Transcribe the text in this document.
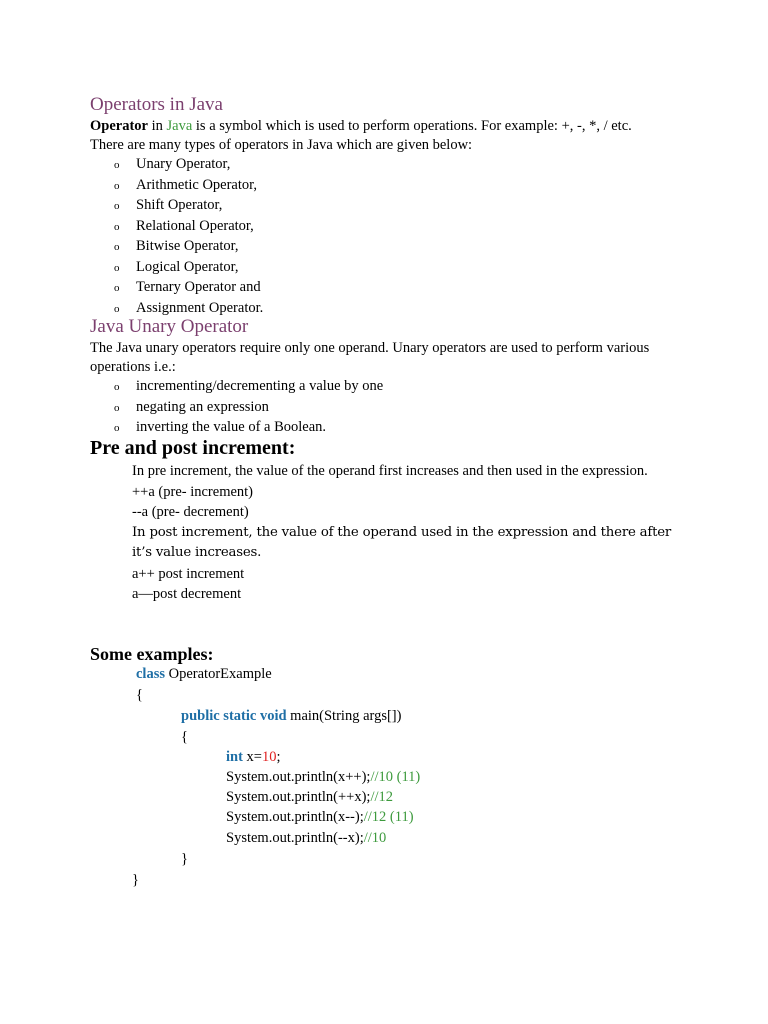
Operators in Java

Operator in Java is a symbol which is used to perform operations. For example: +, -, *, / etc.
There are many types of operators in Java which are given below:

o Unary Operator,
o Arithmetic Operator,
o Shift Operator,
o Relational Operator,
o Bitwise Operator,
o Logical Operator,
o Ternary Operator and
o Assignment Operator.
Java Unary Operator

The Java unary operators require only one operand. Unary operators are used to perform various operations i.e.:

o incrementing/decrementing a value by one
o negating an expression
o inverting the value of a Boolean.
Pre and post increment:
In pre increment, the value of the operand first increases and then used in the expression.
++a (pre- increment)
--a (pre- decrement)
In post increment, the value of the operand used in the expression and there after it’s value increases.
a++ post increment
a—post decrement
Some examples:
class OperatorExample
{
public static void main(String args[])
{
int x=10;
System.out.println(x++);//10 (11)
System.out.println(++x);//12
System.out.println(x--);//12 (11)
System.out.println(--x);//10
}
}
